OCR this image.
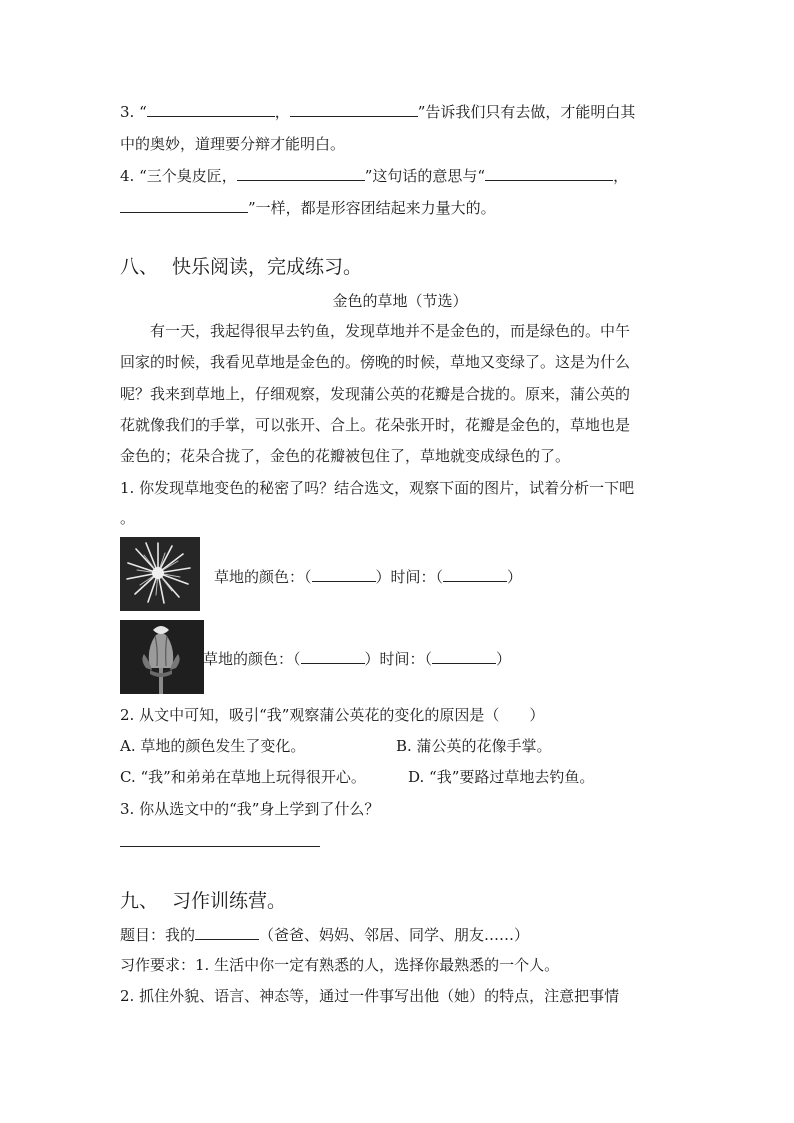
3. “	，	”告诉我们只有去做，才能明白其
中的奥妙，道理要分辩才能明白。
4. “三个臭皮匠，	”这句话的意思与“	，
”一样，都是形容团结起来力量大的。
八、 快乐阅读，完成练习。
金色的草地（节选）
　　有一天，我起得很早去钓鱼，发现草地并不是金色的，而是绿色的。中午
回家的时候，我看见草地是金色的。傍晚的时候，草地又变绿了。这是为什么
呢？我来到草地上，仔细观察，发现蒲公英的花瓣是合拢的。原来，蒲公英的
花就像我们的手掌，可以张开、合上。花朵张开时，花瓣是金色的，草地也是
金色的；花朵合拢了，金色的花瓣被包住了，草地就变成绿色的了。
1. 你发现草地变色的秘密了吗？结合选文，观察下面的图片，试着分析一下吧
。
草地的颜色：（	）时间：（	）
草地的颜色：（	）时间：（	）
2. 从文中可知，吸引“我”观察蒲公英花的变化的原因是（　　）
A. 草地的颜色发生了变化。	B. 蒲公英的花像手掌。
C. “我”和弟弟在草地上玩得很开心。	D. “我”要路过草地去钓鱼。
3. 你从选文中的“我”身上学到了什么？
九、 习作训练营。
题目：我的	（爸爸、妈妈、邻居、同学、朋友……）
习作要求：1. 生活中你一定有熟悉的人，选择你最熟悉的一个人。
2. 抓住外貌、语言、神态等，通过一件事写出他（她）的特点，注意把事情
